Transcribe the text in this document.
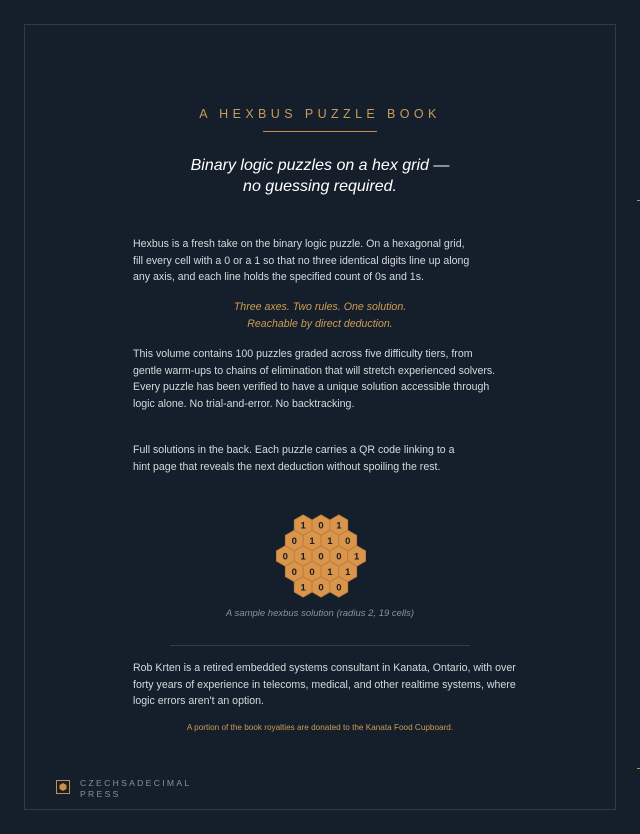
A HEXBUS PUZZLE BOOK
Binary logic puzzles on a hex grid —
no guessing required.
Hexbus is a fresh take on the binary logic puzzle. On a hexagonal grid,
fill every cell with a 0 or a 1 so that no three identical digits line up along
any axis, and each line holds the specified count of 0s and 1s.
Three axes. Two rules. One solution.
Reachable by direct deduction.
This volume contains 100 puzzles graded across five difficulty tiers, from
gentle warm-ups to chains of elimination that will stretch experienced solvers.
Every puzzle has been verified to have a unique solution accessible through
logic alone. No trial-and-error. No backtracking.
Full solutions in the back. Each puzzle carries a QR code linking to a
hint page that reveals the next deduction without spoiling the rest.
1 0 1
0 1 1 0
0 1 0 0 1
0 0 1 1
1 0 0
A sample hexbus solution (radius 2, 19 cells)
Rob Krten is a retired embedded systems consultant in Kanata, Ontario, with over
forty years of experience in telecoms, medical, and other realtime systems, where
logic errors aren't an option.
A portion of the book royalties are donated to the Kanata Food Cupboard.
CZECHSADECIMAL
PRESS
